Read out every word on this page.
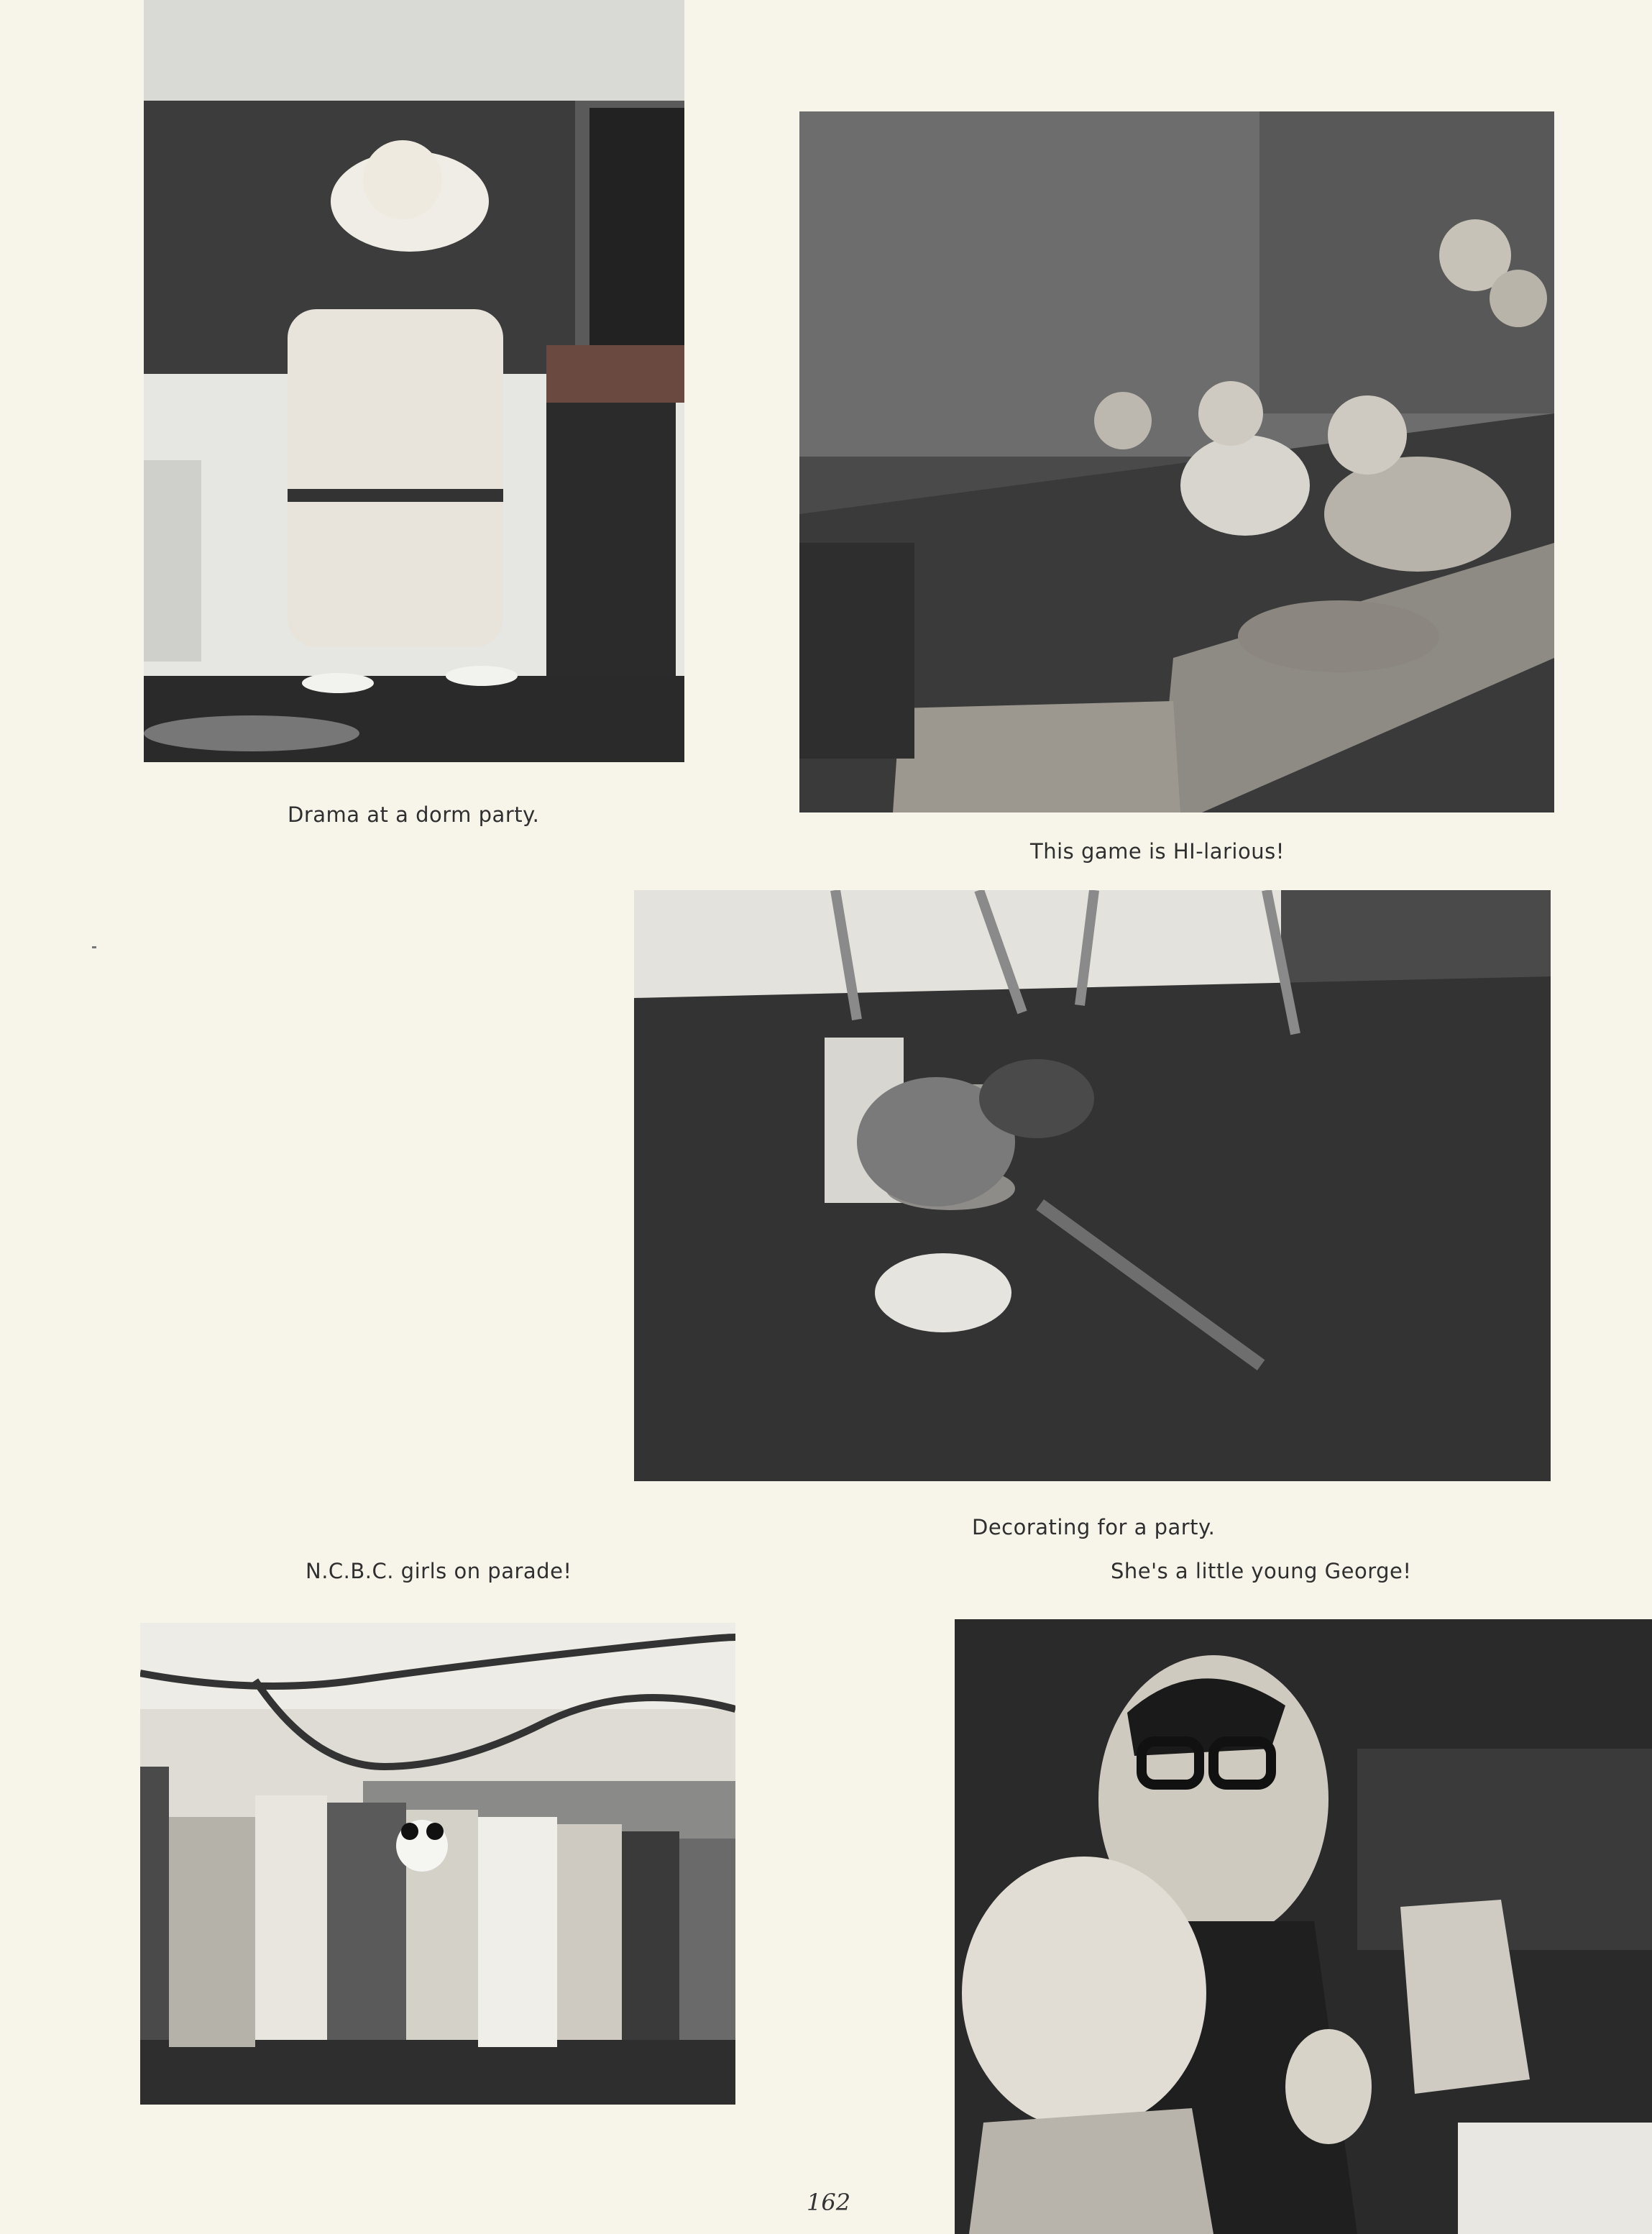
Drama at a dorm party.
This game is HI-larious!
Decorating for a party.
N.C.B.C. girls on parade!	She's a little young George!
162
